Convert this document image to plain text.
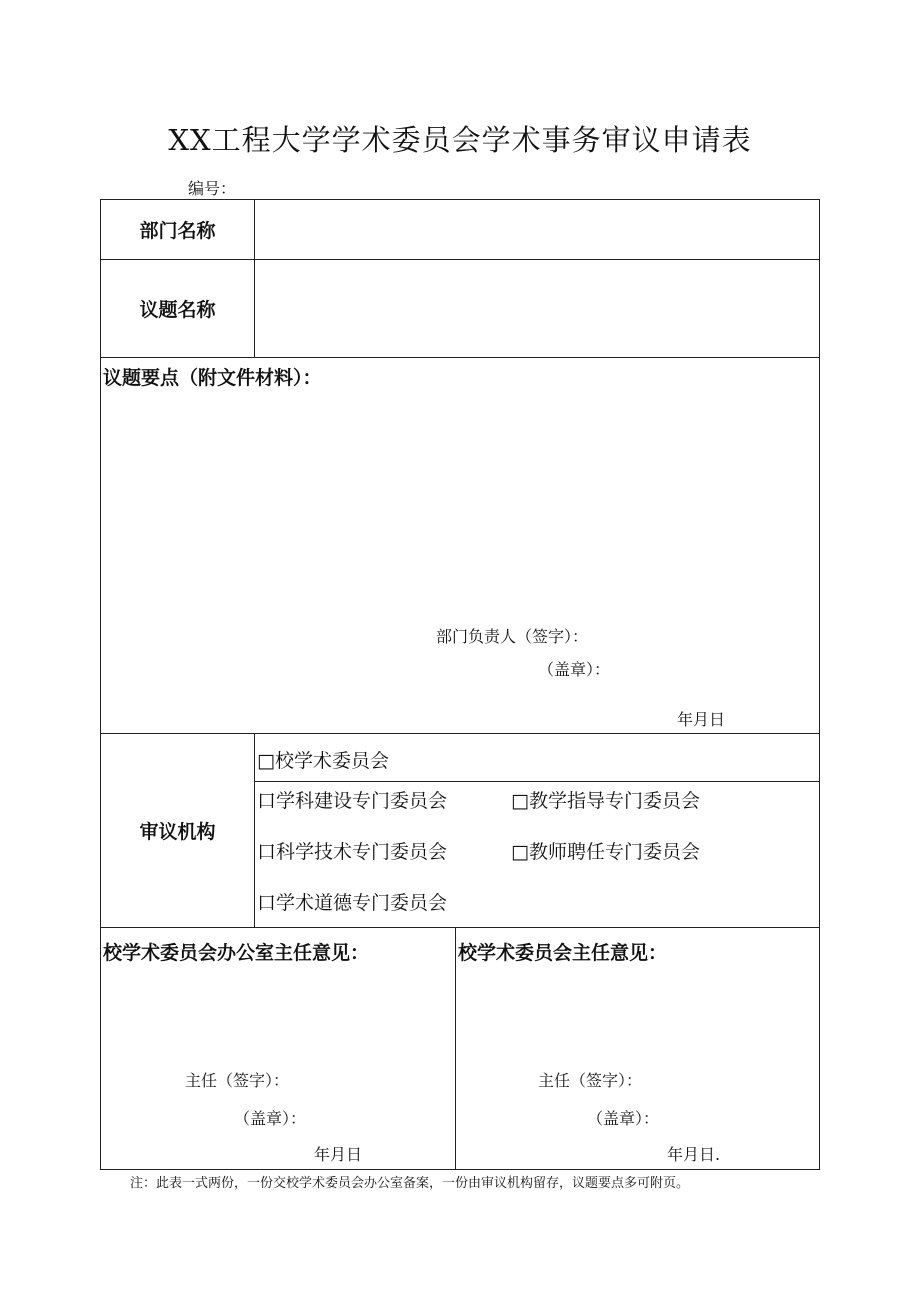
XX工程大学学术委员会学术事务审议申请表
编号：
部门名称
议题名称
议题要点（附文件材料）：
部门负责人（签字）：
（盖章）：
年月日
审议机构
□校学术委员会
口学科建设专门委员会	□教学指导专门委员会
口科学技术专门委员会	□教师聘任专门委员会
口学术道德专门委员会
校学术委员会办公室主任意见：
主任（签字）：
（盖章）：
年月日
校学术委员会主任意见：
主任（签字）：
（盖章）：
年月日.
注：此表一式两份，一份交校学术委员会办公室备案，一份由审议机构留存，议题要点多可附页。
